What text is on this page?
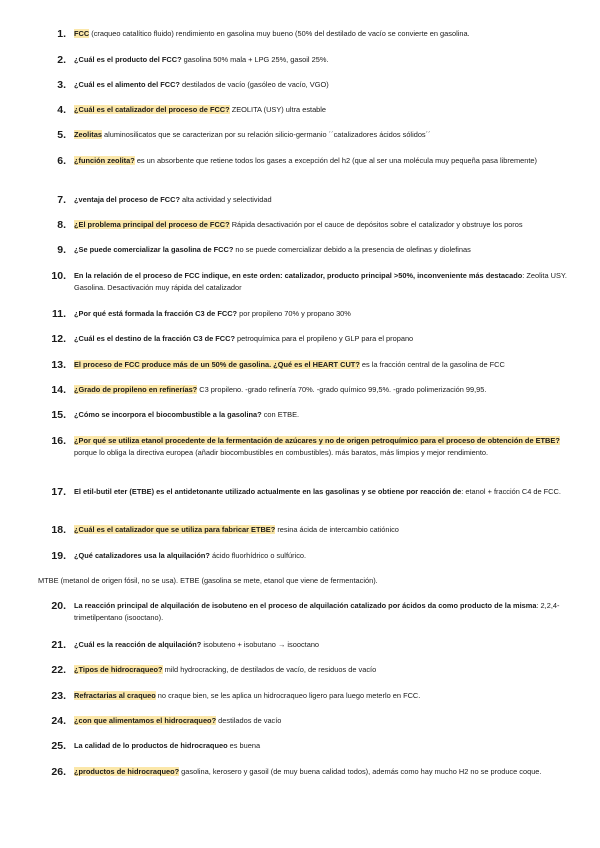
1. FCC (craqueo catalítico fluido) rendimiento en gasolina muy bueno (50% del destilado de vacío se convierte en gasolina.
2. ¿Cuál es el producto del FCC? gasolina 50% mala + LPG 25%, gasoil 25%.
3. ¿Cuál es el alimento del FCC? destilados de vacío (gasóleo de vacío, VGO)
4. ¿Cuál es el catalizador del proceso de FCC? ZEOLITA (USY) ultra estable
5. Zeolitas aluminosilicatos que se caracterizan por su relación silicio-germanio ´´catalizadores ácidos sólidos´´
6. ¿función zeolita? es un absorbente que retiene todos los gases a excepción del h2 (que al ser una molécula muy pequeña pasa libremente)
7. ¿ventaja del proceso de FCC? alta actividad y selectividad
8. ¿El problema principal del proceso de FCC? Rápida desactivación por el cauce de depósitos sobre el catalizador y obstruye los poros
9. ¿Se puede comercializar la gasolina de FCC? no se puede comercializar debido a la presencia de olefinas y diolefinas
10. En la relación de el proceso de FCC indique, en este orden: catalizador, producto principal >50%, inconveniente más destacado: Zeolita USY. Gasolina. Desactivación muy rápida del catalizador
11. ¿Por qué está formada la fracción C3 de FCC? por propileno 70% y propano 30%
12. ¿Cuál es el destino de la fracción C3 de FCC? petroquímica para el propileno y GLP para el propano
13. El proceso de FCC produce más de un 50% de gasolina. ¿Qué es el HEART CUT? es la fracción central de la gasolina de FCC
14. ¿Grado de propileno en refinerías? C3 propileno. -grado refinería 70%. -grado químico 99,5%. -grado polimerización 99,95.
15. ¿Cómo se incorpora el biocombustible a la gasolina? con ETBE.
16. ¿Por qué se utiliza etanol procedente de la fermentación de azúcares y no de origen petroquímico para el proceso de obtención de ETBE? porque lo obliga la directiva europea (añadir biocombustibles en combustibles). más baratos, más limpios y mejor rendimiento.
17. El etil-butil eter (ETBE) es el antidetonante utilizado actualmente en las gasolinas y se obtiene por reacción de: etanol + fracción C4 de FCC.
18. ¿Cuál es el catalizador que se utiliza para fabricar ETBE? resina ácida de intercambio catiónico
19. ¿Qué catalizadores usa la alquilación? ácido fluorhídrico o sulfúrico.
MTBE (metanol de origen fósil, no se usa). ETBE (gasolina se mete, etanol que viene de fermentación).
20. La reacción principal de alquilación de isobuteno en el proceso de alquilación catalizado por ácidos da como producto de la misma: 2,2,4-trimetilpentano (isooctano).
21. ¿Cuál es la reacción de alquilación? isobuteno + isobutano → isooctano
22. ¿Tipos de hidrocraqueo? mild hydrocracking, de destilados de vacío, de residuos de vacío
23. Refractarias al craqueo no craque bien, se les aplica un hidrocraqueo ligero para luego meterlo en FCC.
24. ¿con que alimentamos el hidrocraqueo? destilados de vacío
25. La calidad de lo productos de hidrocraqueo es buena
26. ¿productos de hidrocraqueo? gasolina, kerosero y gasoil (de muy buena calidad todos), además como hay mucho H2 no se produce coque.
